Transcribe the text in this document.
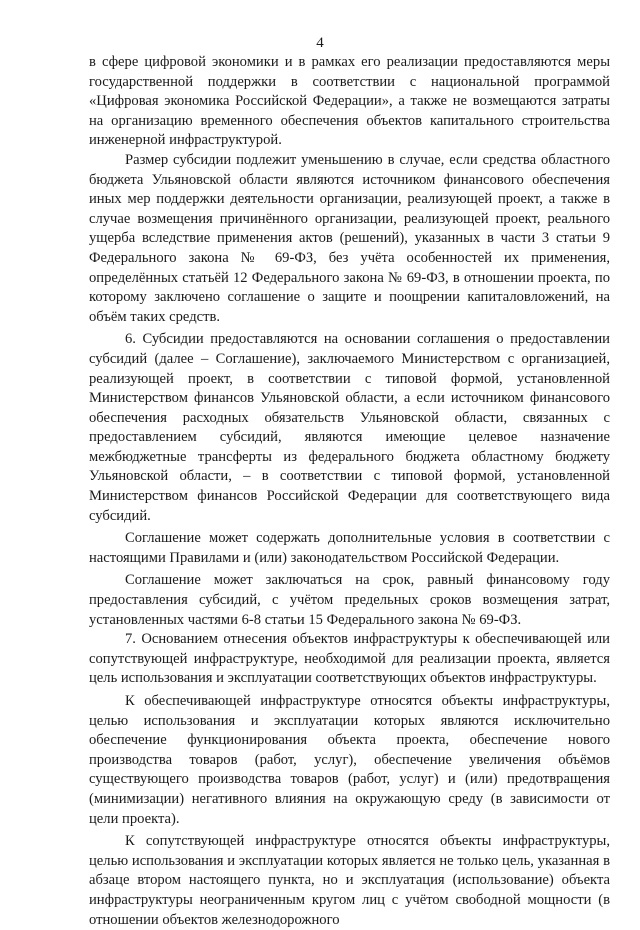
4

в сфере цифровой экономики и в рамках его реализации предоставляются меры государственной поддержки в соответствии с национальной программой «Цифровая экономика Российской Федерации», а также не возмещаются затраты на организацию временного обеспечения объектов капитального строительства инженерной инфраструктурой.

Размер субсидии подлежит уменьшению в случае, если средства областного бюджета Ульяновской области являются источником финансового обеспечения иных мер поддержки деятельности организации, реализующей проект, а также в случае возмещения причинённого организации, реализующей проект, реального ущерба вследствие применения актов (решений), указанных в части 3 статьи 9 Федерального закона № 69-ФЗ, без учёта особенностей их применения, определённых статьёй 12 Федерального закона № 69-ФЗ, в отношении проекта, по которому заключено соглашение о защите и поощрении капиталовложений, на объём таких средств.

6. Субсидии предоставляются на основании соглашения о предоставлении субсидий (далее – Соглашение), заключаемого Министерством с организацией, реализующей проект, в соответствии с типовой формой, установленной Министерством финансов Ульяновской области, а если источником финансового обеспечения расходных обязательств Ульяновской области, связанных с предоставлением субсидий, являются имеющие целевое назначение межбюджетные трансферты из федерального бюджета областному бюджету Ульяновской области, – в соответствии с типовой формой, установленной Министерством финансов Российской Федерации для соответствующего вида субсидий.

Соглашение может содержать дополнительные условия в соответствии с настоящими Правилами и (или) законодательством Российской Федерации.

Соглашение может заключаться на срок, равный финансовому году предоставления субсидий, с учётом предельных сроков возмещения затрат, установленных частями 6-8 статьи 15 Федерального закона № 69-ФЗ.

7. Основанием отнесения объектов инфраструктуры к обеспечивающей или сопутствующей инфраструктуре, необходимой для реализации проекта, является цель использования и эксплуатации соответствующих объектов инфраструктуры.

К обеспечивающей инфраструктуре относятся объекты инфраструктуры, целью использования и эксплуатации которых являются исключительно обеспечение функционирования объекта проекта, обеспечение нового производства товаров (работ, услуг), обеспечение увеличения объёмов существующего производства товаров (работ, услуг) и (или) предотвращения (минимизации) негативного влияния на окружающую среду (в зависимости от цели проекта).

К сопутствующей инфраструктуре относятся объекты инфраструктуры, целью использования и эксплуатации которых является не только цель, указанная в абзаце втором настоящего пункта, но и эксплуатация (использование) объекта инфраструктуры неограниченным кругом лиц с учётом свободной мощности (в отношении объектов железнодорожного
